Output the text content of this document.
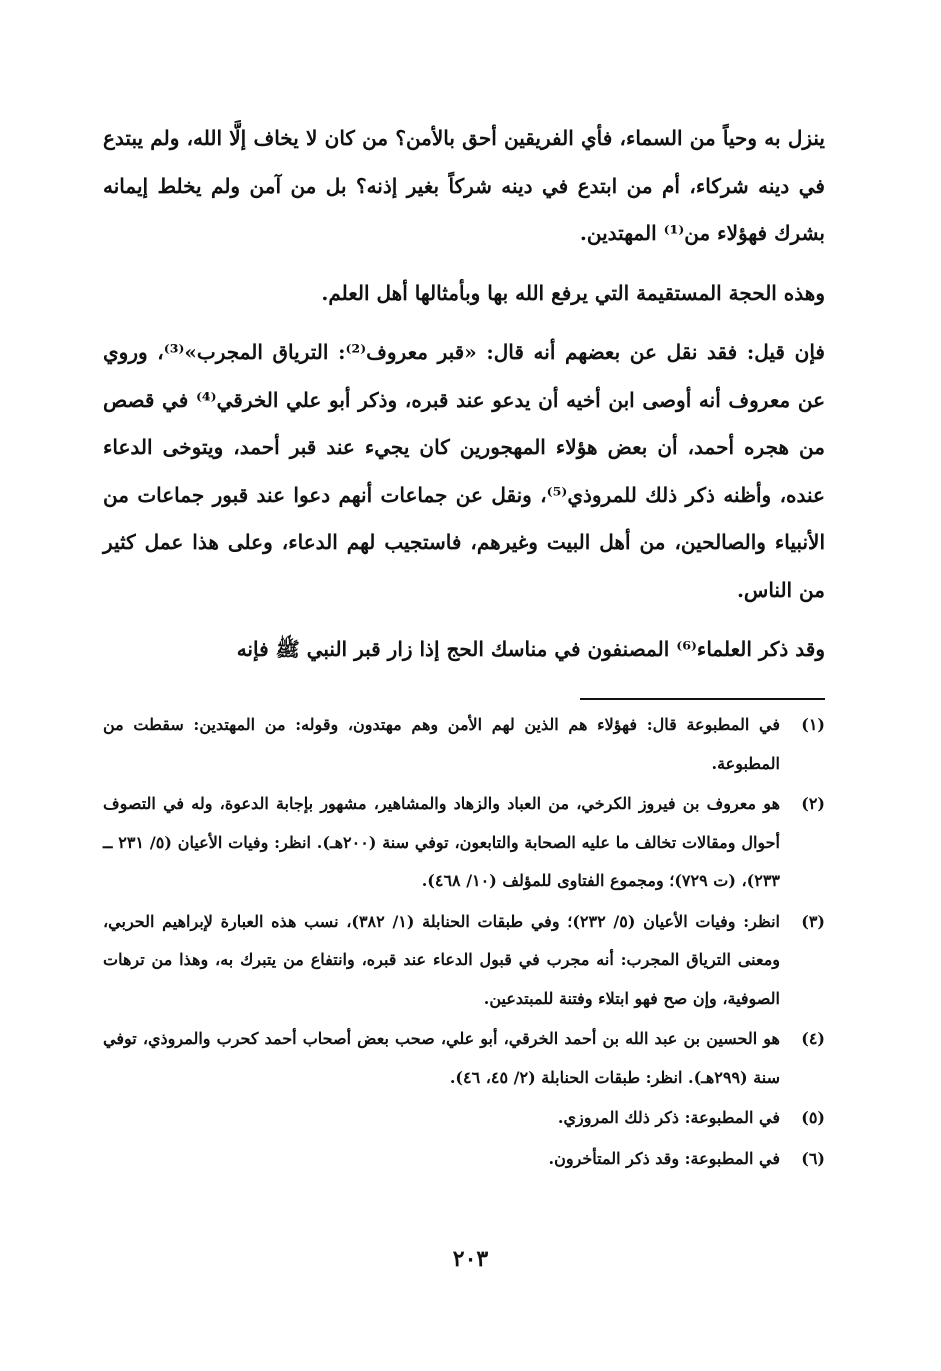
ينزل به وحياً من السماء، فأي الفريقين أحق بالأمن؟ من كان لا يخاف إلَّا الله، ولم يبتدع في دينه شركاء، أم من ابتدع في دينه شركاً بغير إذنه؟ بل من آمن ولم يخلط إيمانه بشرك فهؤلاء من⁽¹⁾ المهتدين.

وهذه الحجة المستقيمة التي يرفع الله بها وبأمثالها أهل العلم.

فإن قيل: فقد نقل عن بعضهم أنه قال: «قبر معروف⁽²⁾: الترياق المجرب»⁽³⁾، وروي عن معروف أنه أوصى ابن أخيه أن يدعو عند قبره، وذكر أبو علي الخرقي⁽⁴⁾ في قصص من هجره أحمد، أن بعض هؤلاء المهجورين كان يجيء عند قبر أحمد، ويتوخى الدعاء عنده، وأظنه ذكر ذلك للمروذي⁽⁵⁾، ونقل عن جماعات أنهم دعوا عند قبور جماعات من الأنبياء والصالحين، من أهل البيت وغيرهم، فاستجيب لهم الدعاء، وعلى هذا عمل كثير من الناس.

وقد ذكر العلماء⁽⁶⁾ المصنفون في مناسك الحج إذا زار قبر النبي ﷺ فإنه

(١)
في المطبوعة قال: فهؤلاء هم الذين لهم الأمن وهم مهتدون، وقوله: من المهتدين: سقطت من المطبوعة.
(٢)
هو معروف بن فيروز الكرخي، من العباد والزهاد والمشاهير، مشهور بإجابة الدعوة، وله في التصوف أحوال ومقالات تخالف ما عليه الصحابة والتابعون، توفي سنة (٢٠٠هـ). انظر: وفيات الأعيان (٥/ ٢٣١ ــ ٢٣٣)، (ت ٧٢٩)؛ ومجموع الفتاوى للمؤلف (١٠/ ٤٦٨).
(٣)
انظر: وفيات الأعيان (٥/ ٢٣٢)؛ وفي طبقات الحنابلة (١/ ٣٨٢)، نسب هذه العبارة لإبراهيم الحربي، ومعنى الترياق المجرب: أنه مجرب في قبول الدعاء عند قبره، وانتفاع من يتبرك به، وهذا من ترهات الصوفية، وإن صح فهو ابتلاء وفتنة للمبتدعين.
(٤)
هو الحسين بن عبد الله بن أحمد الخرقي، أبو علي، صحب بعض أصحاب أحمد كحرب والمروذي، توفي سنة (٢٩٩هـ). انظر: طبقات الحنابلة (٢/ ٤٥، ٤٦).
(٥)
في المطبوعة: ذكر ذلك المروزي.
(٦)
في المطبوعة: وقد ذكر المتأخرون.
٢٠٣
